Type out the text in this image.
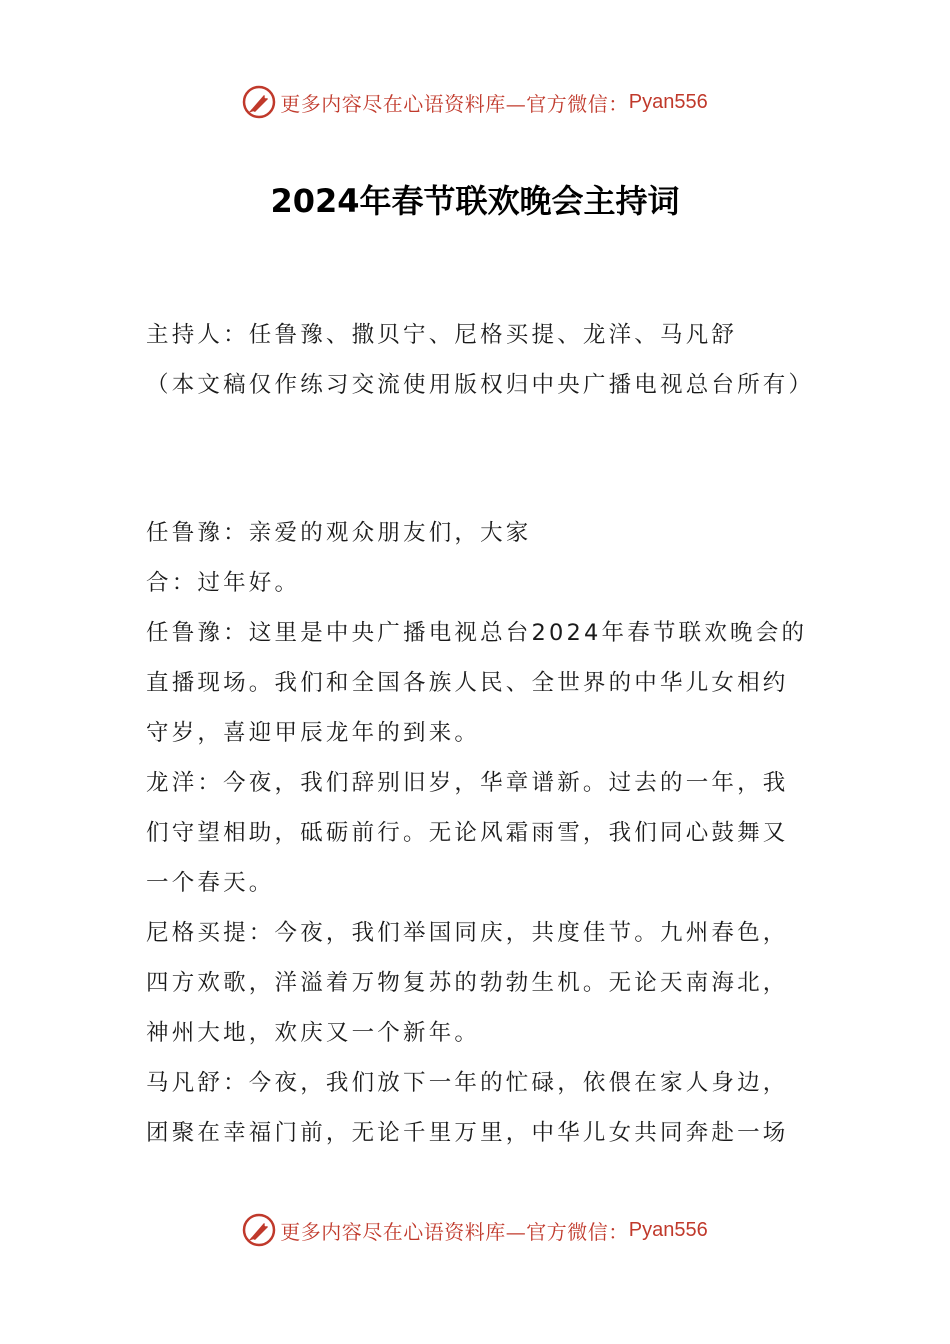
更多内容尽在心语资料库—官方微信： Pyan556
2024年春节联欢晚会主持词

主持人：任鲁豫、撒贝宁、尼格买提、龙洋、马凡舒

（本文稿仅作练习交流使用版权归中央广播电视总台所有）

任鲁豫：亲爱的观众朋友们，大家

合：过年好。

任鲁豫：这里是中央广播电视总台2024年春节联欢晚会的直播现场。我们和全国各族人民、全世界的中华儿女相约守岁，喜迎甲辰龙年的到来。

龙洋：今夜，我们辞别旧岁，华章谱新。过去的一年，我们守望相助，砥砺前行。无论风霜雨雪，我们同心鼓舞又一个春天。

尼格买提：今夜，我们举国同庆，共度佳节。九州春色，四方欢歌，洋溢着万物复苏的勃勃生机。无论天南海北，神州大地，欢庆又一个新年。

马凡舒：今夜，我们放下一年的忙碌，依偎在家人身边，团聚在幸福门前，无论千里万里，中华儿女共同奔赴一场

更多内容尽在心语资料库—官方微信： Pyan556
